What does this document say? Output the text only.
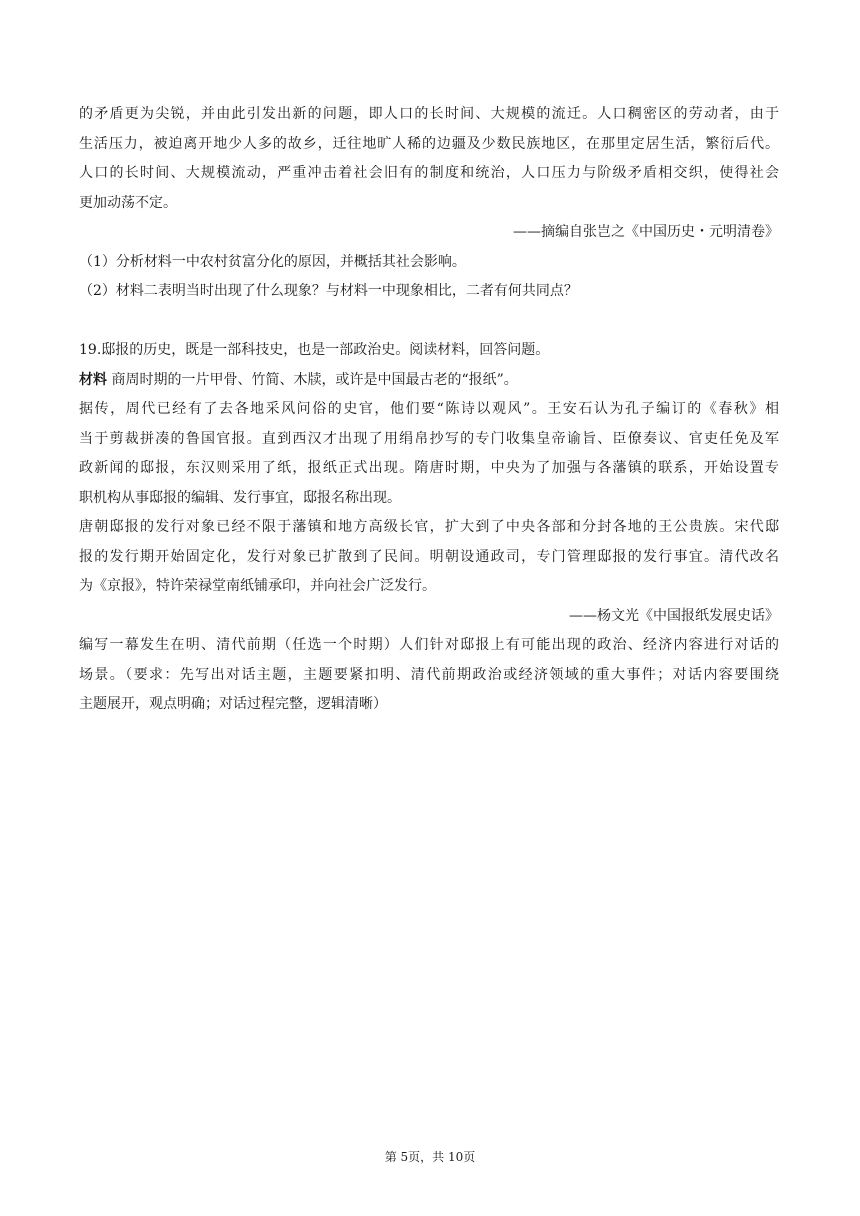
的矛盾更为尖锐，并由此引发出新的问题，即人口的长时间、大规模的流迁。人口稠密区的劳动者，由于
生活压力，被迫离开地少人多的故乡，迁往地旷人稀的边疆及少数民族地区，在那里定居生活，繁衍后代。
人口的长时间、大规模流动，严重冲击着社会旧有的制度和统治，人口压力与阶级矛盾相交织，使得社会
更加动荡不定。
——摘编自张岂之《中国历史・元明清卷》
（1）分析材料一中农村贫富分化的原因，并概括其社会影响。
（2）材料二表明当时出现了什么现象？与材料一中现象相比，二者有何共同点？
19.邸报的历史，既是一部科技史，也是一部政治史。阅读材料，回答问题。
材料 商周时期的一片甲骨、竹简、木牍，或许是中国最古老的“报纸”。
据传，周代已经有了去各地采风问俗的史官，他们要“陈诗以观风”。王安石认为孔子编订的《春秋》相
当于剪裁拼凑的鲁国官报。直到西汉才出现了用绢帛抄写的专门收集皇帝谕旨、臣僚奏议、官吏任免及军
政新闻的邸报，东汉则采用了纸，报纸正式出现。隋唐时期，中央为了加强与各藩镇的联系，开始设置专
职机构从事邸报的编辑、发行事宜，邸报名称出现。
唐朝邸报的发行对象已经不限于藩镇和地方高级长官，扩大到了中央各部和分封各地的王公贵族。宋代邸
报的发行期开始固定化，发行对象已扩散到了民间。明朝设通政司，专门管理邸报的发行事宜。清代改名
为《京报》，特许荣禄堂南纸铺承印，并向社会广泛发行。
——杨文光《中国报纸发展史话》
编写一幕发生在明、清代前期（任选一个时期）人们针对邸报上有可能出现的政治、经济内容进行对话的
场景。（要求：先写出对话主题，主题要紧扣明、清代前期政治或经济领域的重大事件；对话内容要围绕
主题展开，观点明确；对话过程完整，逻辑清晰）
第 5页，共 10页
